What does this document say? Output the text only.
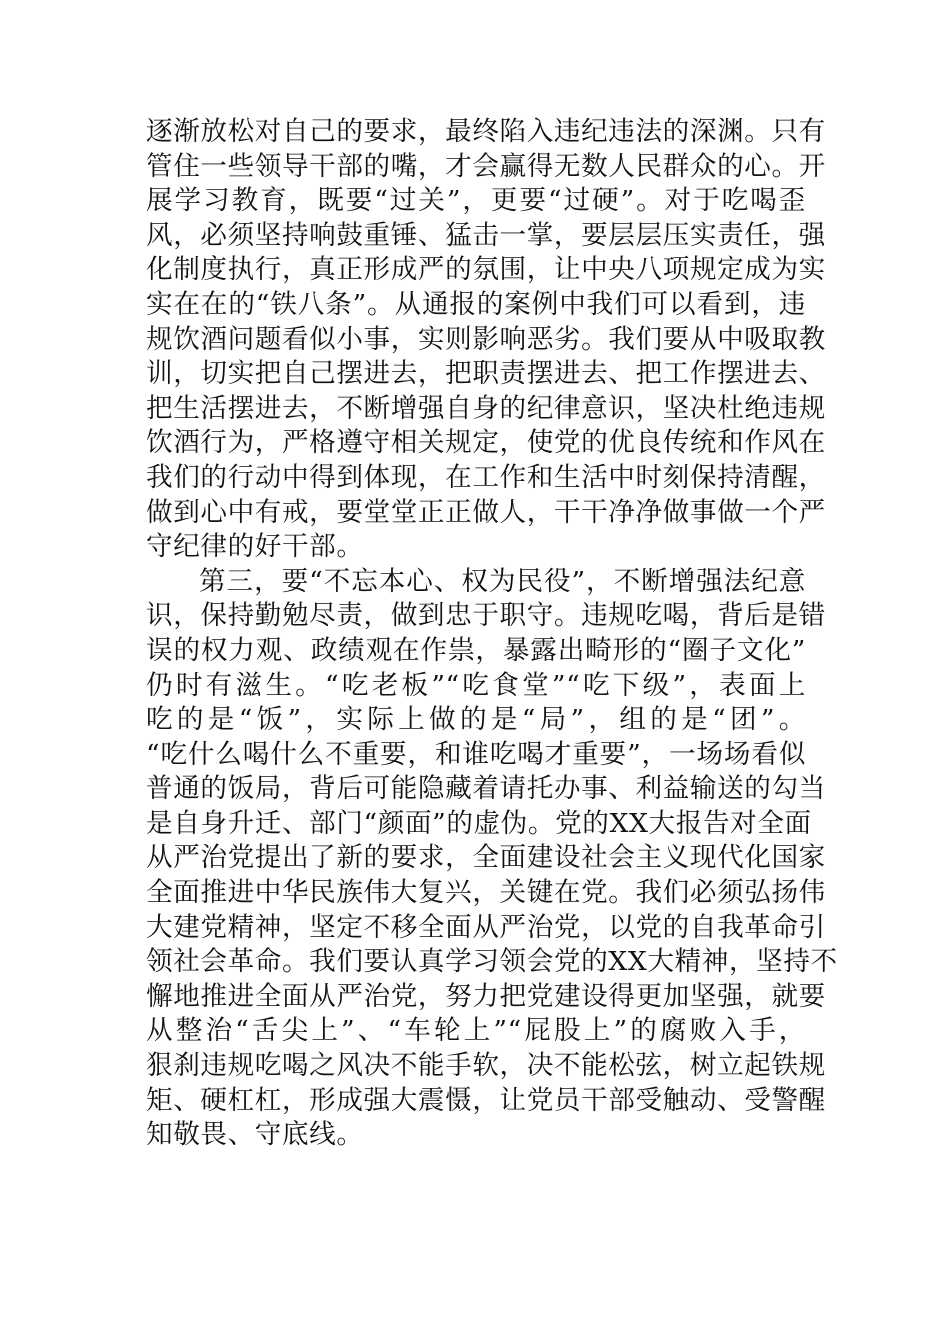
逐渐放松对自己的要求，最终陷入违纪违法的深渊。只有
管住一些领导干部的嘴，才会赢得无数人民群众的心。开
展学习教育，既要“过关”，更要“过硬”。对于吃喝歪
风，必须坚持响鼓重锤、猛击一掌，要层层压实责任，强
化制度执行，真正形成严的氛围，让中央八项规定成为实
实在在的“铁八条”。从通报的案例中我们可以看到，违
规饮酒问题看似小事，实则影响恶劣。我们要从中吸取教
训，切实把自己摆进去，把职责摆进去、把工作摆进去、
把生活摆进去，不断增强自身的纪律意识，坚决杜绝违规
饮酒行为，严格遵守相关规定，使党的优良传统和作风在
我们的行动中得到体现，在工作和生活中时刻保持清醒，
做到心中有戒，要堂堂正正做人，干干净净做事做一个严
守纪律的好干部。
第三，要“不忘本心、权为民役”，不断增强法纪意
识，保持勤勉尽责，做到忠于职守。违规吃喝，背后是错
误的权力观、政绩观在作祟，暴露出畸形的“圈子文化”
仍时有滋生。“吃老板”“吃食堂”“吃下级”，表面上
吃的是“饭”，实际上做的是“局”，组的是“团”。
“吃什么喝什么不重要，和谁吃喝才重要”，一场场看似
普通的饭局，背后可能隐藏着请托办事、利益输送的勾当
是自身升迁、部门“颜面”的虚伪。党的XX大报告对全面
从严治党提出了新的要求，全面建设社会主义现代化国家
全面推进中华民族伟大复兴，关键在党。我们必须弘扬伟
大建党精神，坚定不移全面从严治党，以党的自我革命引
领社会革命。我们要认真学习领会党的XX大精神，坚持不
懈地推进全面从严治党，努力把党建设得更加坚强，就要
从整治“舌尖上”、“车轮上”“屁股上”的腐败入手，
狠刹违规吃喝之风决不能手软，决不能松弦，树立起铁规
矩、硬杠杠，形成强大震慑，让党员干部受触动、受警醒
知敬畏、守底线。
